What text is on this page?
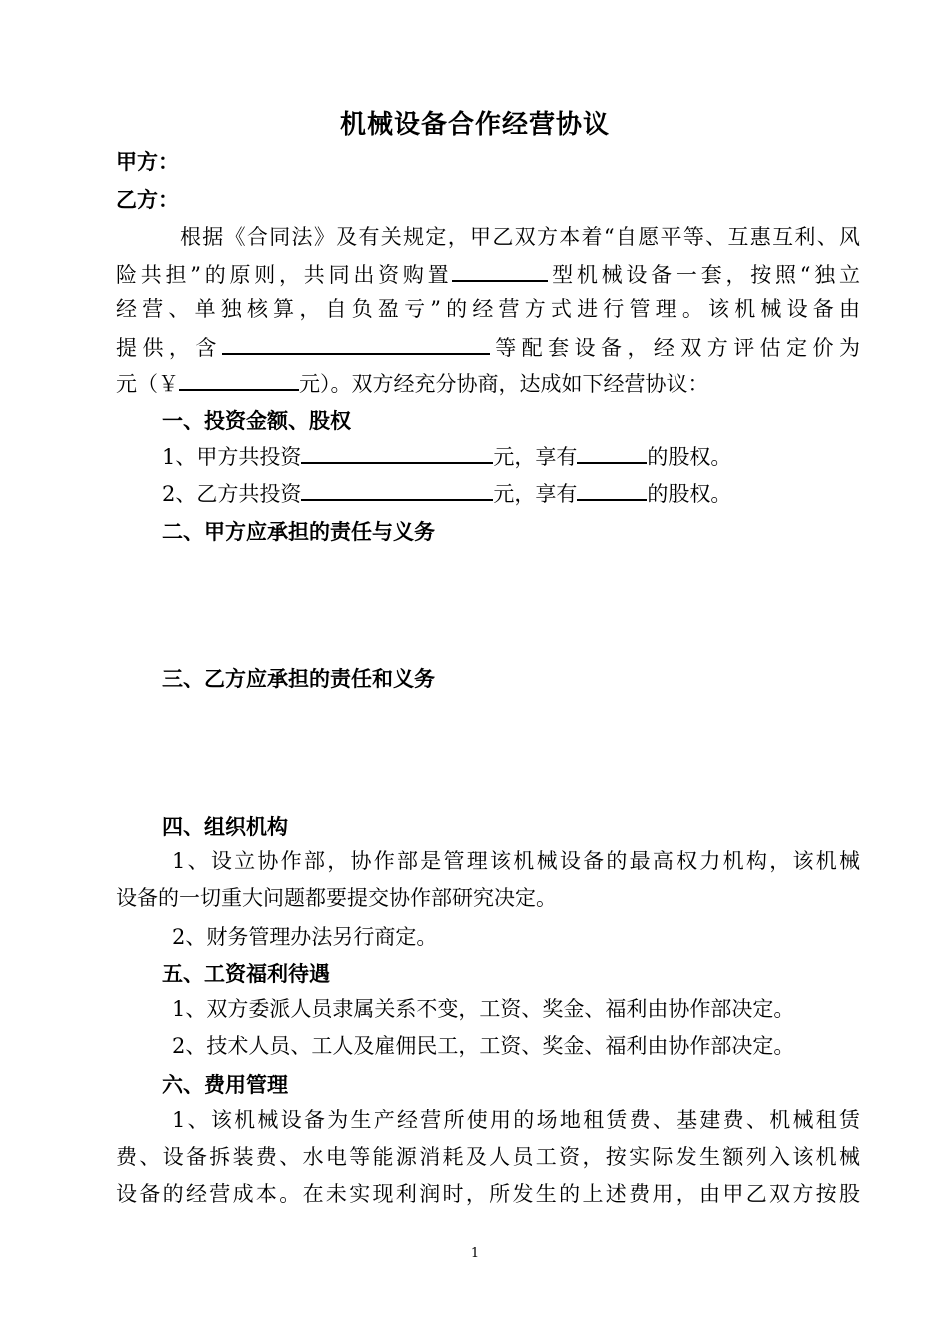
机械设备合作经营协议
甲方：
乙方：
根据《合同法》及有关规定，甲乙双方本着“自愿平等、互惠互利、风
险共担”的原则，共同出资购置	型机械设备一套，按照“独立
经营、单独核算，自负盈亏”的经营方式进行管理。该机械设备由
提供，含	等配套设备，经双方评估定价为
元（￥	元）。双方经充分协商，达成如下经营协议：
一、投资金额、股权
1、甲方共投资	元，享有	的股权。
2、乙方共投资	元，享有	的股权。
二、甲方应承担的责任与义务
三、乙方应承担的责任和义务
四、组织机构
1、设立协作部，协作部是管理该机械设备的最高权力机构，该机械
设备的一切重大问题都要提交协作部研究决定。
2、财务管理办法另行商定。
五、工资福利待遇
1、双方委派人员隶属关系不变，工资、奖金、福利由协作部决定。
2、技术人员、工人及雇佣民工，工资、奖金、福利由协作部决定。
六、费用管理
1、该机械设备为生产经营所使用的场地租赁费、基建费、机械租赁
费、设备拆装费、水电等能源消耗及人员工资，按实际发生额列入该机械
设备的经营成本。在未实现利润时，所发生的上述费用，由甲乙双方按股
1
